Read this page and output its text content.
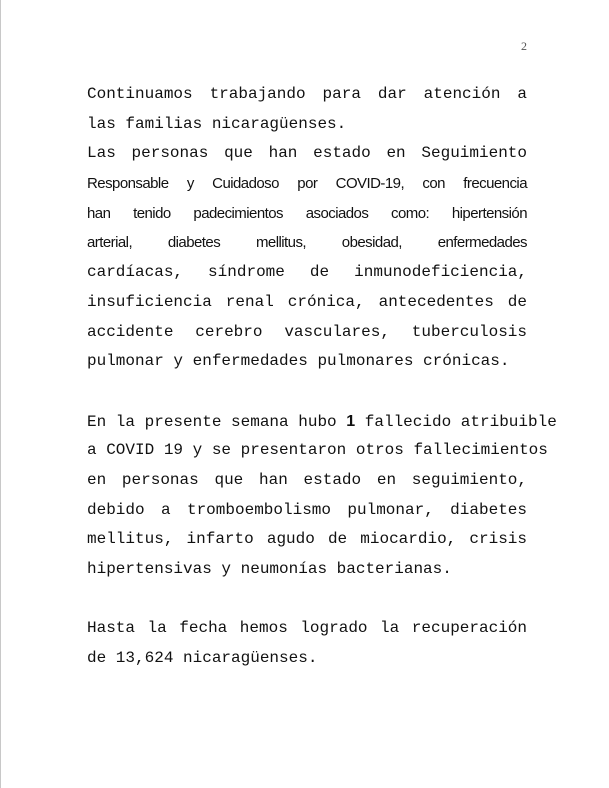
2
Continuamos trabajando para dar atención a
las familias nicaragüenses.
Las personas que han estado en Seguimiento
Responsable y Cuidadoso por COVID-19, con frecuencia
han tenido padecimientos asociados como: hipertensión
arterial, diabetes mellitus, obesidad, enfermedades
cardíacas, síndrome de inmunodeficiencia,
insuficiencia renal crónica, antecedentes de
accidente cerebro vasculares, tuberculosis
pulmonar y enfermedades pulmonares crónicas.
En la presente semana hubo 1 fallecido atribuible
a COVID 19 y se presentaron otros fallecimientos
en personas que han estado en seguimiento,
debido a tromboembolismo pulmonar, diabetes
mellitus, infarto agudo de miocardio, crisis
hipertensivas y neumonías bacterianas.
Hasta la fecha hemos logrado la recuperación
de 13,624 nicaragüenses.
